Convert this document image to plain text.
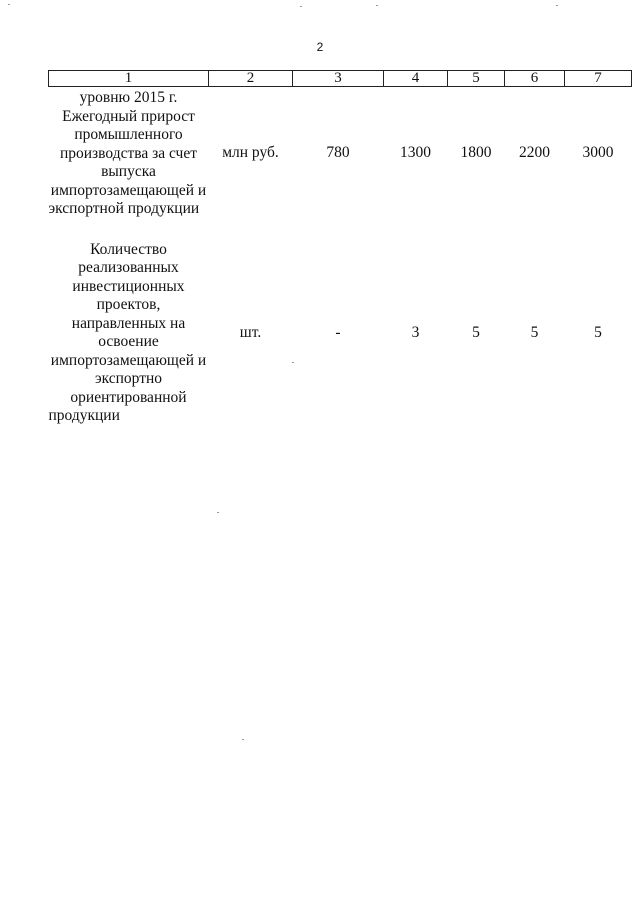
2
1	2	3	4	5	6	7
уровню 2015 г. Ежегодный прирост промышленного производства за счет выпуска импортозамещающей и экспортной продукции	млн руб.	780	1300	1800	2200	3000

Количество реализованных инвестиционных проектов, направленных на освоение импортозамещающей и экспортно ориентированной продукции	шт.	-	3	5	5	5
